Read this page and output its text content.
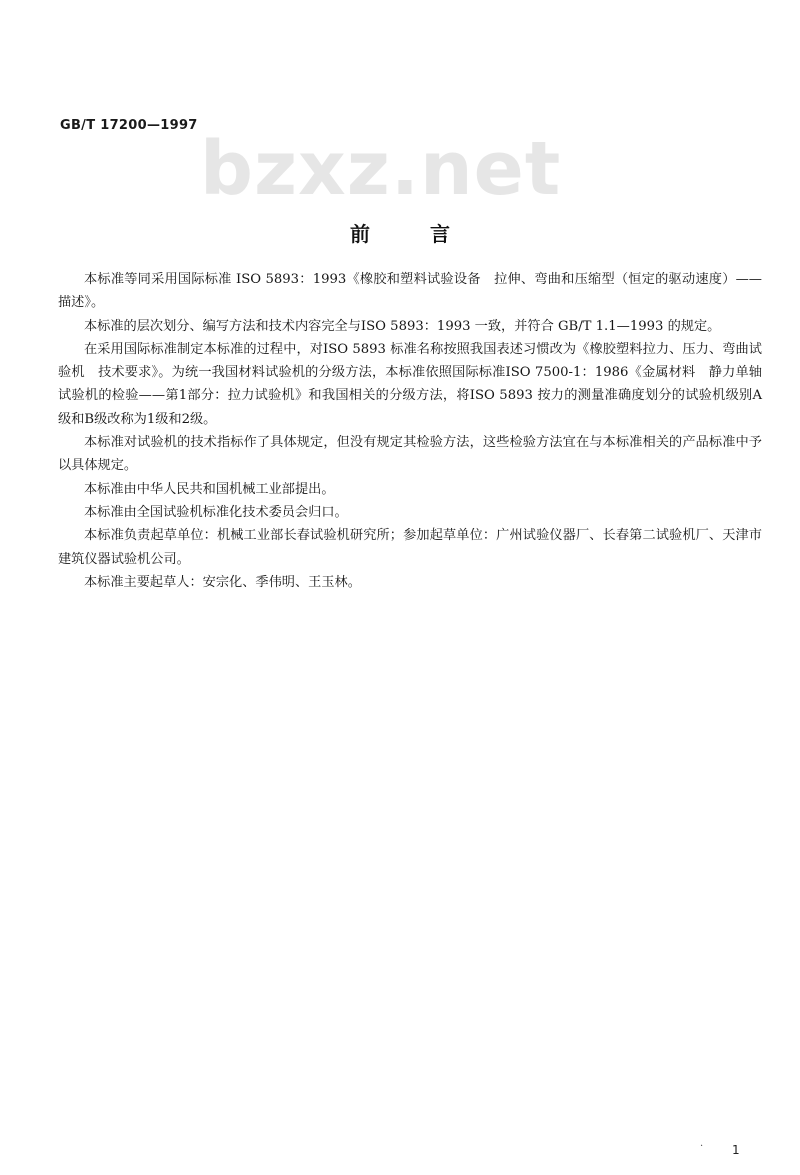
GB/T 17200—1997
bzxz.net
前言

本标准等同采用国际标准 ISO 5893：1993《橡胶和塑料试验设备　拉伸、弯曲和压缩型（恒定的驱动速度）——描述》。

本标准的层次划分、编写方法和技术内容完全与ISO 5893：1993 一致，并符合 GB/T 1.1—1993 的规定。

在采用国际标准制定本标准的过程中，对ISO 5893 标准名称按照我国表述习惯改为《橡胶塑料拉力、压力、弯曲试验机　技术要求》。为统一我国材料试验机的分级方法，本标准依照国际标准ISO 7500-1：1986《金属材料　静力单轴试验机的检验——第1部分：拉力试验机》和我国相关的分级方法，将ISO 5893 按力的测量准确度划分的试验机级别A级和B级改称为1级和2级。

本标准对试验机的技术指标作了具体规定，但没有规定其检验方法，这些检验方法宜在与本标准相关的产品标准中予以具体规定。

本标准由中华人民共和国机械工业部提出。

本标准由全国试验机标准化技术委员会归口。

本标准负责起草单位：机械工业部长春试验机研究所；参加起草单位：广州试验仪器厂、长春第二试验机厂、天津市建筑仪器试验机公司。

本标准主要起草人：安宗化、季伟明、王玉林。

· 1
